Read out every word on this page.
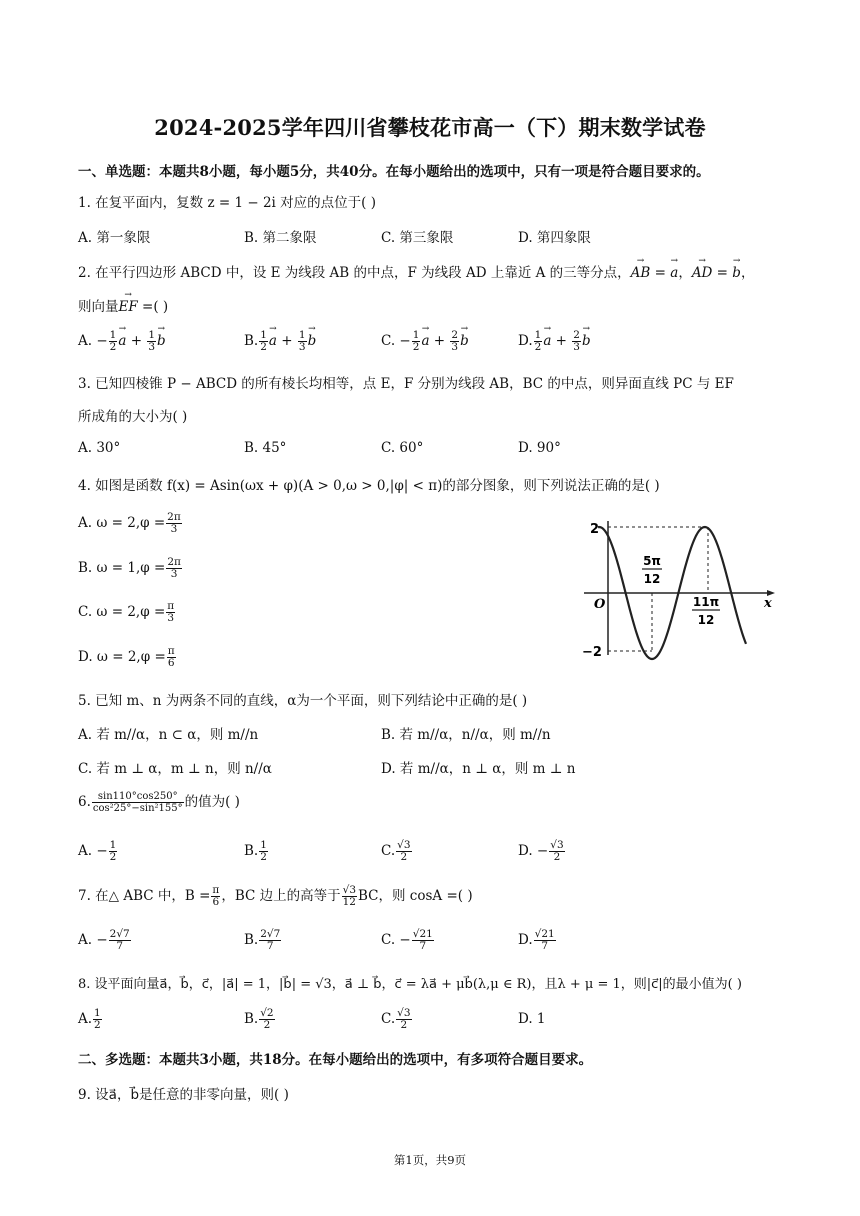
2024-2025学年四川省攀枝花市高一（下）期末数学试卷
一、单选题：本题共8小题，每小题5分，共40分。在每小题给出的选项中，只有一项是符合题目要求的。
1. 在复平面内，复数 z = 1 − 2i 对应的点位于( )
A. 第一象限	B. 第二象限	C. 第三象限	D. 第四象限
2. 在平行四边形 ABCD 中，设 E 为线段 AB 的中点，F 为线段 AD 上靠近 A 的三等分点，→ AB = → a，→ AD = → b，
则向量→ EF =( )
A. − $\frac{1}{2}$
→ $a + \frac{1}{3}$
→ b	B. $\frac{1}{2}$
→ $a + \frac{1}{3}$
→ b	C. − $\frac{1}{2}$
→ $a + \frac{2}{3}$
→ b	D. $\frac{1}{2}$
→ $a + \frac{2}{3}$
→ b
3. 已知四棱锥 P − ABCD 的所有棱长均相等，点 E，F 分别为线段 AB，BC 的中点，则异面直线 PC 与 EF
所成角的大小为( )
A. 30°	B. 45°	C. 60°	D. 90°
4. 如图是函数 f(x) = Asin(ωx + φ)(A > 0,ω > 0,|φ| < π)的部分图象，则下列说法正确的是( )
A. $\omega = 2,\varphi = \frac{2\pi}{3}$
B. $\omega = 1,\varphi = \frac{2\pi}{3}$
C. $\omega = 2,\varphi = \frac{\pi}{3}$
D. $\omega = 2,\varphi = \frac{\pi}{6}$
2
−2
O	x
5π
12
11π
12
5. 已知 m、n 为两条不同的直线，α为一个平面，则下列结论中正确的是( )
A. 若 m//α，n ⊂ α，则 m//n	B. 若 m//α，n//α，则 m//n
C. 若 m ⊥ α，m ⊥ n，则 n//α	D. 若 m//α，n ⊥ α，则 m ⊥ n
6. $\frac{\sin 110^\circ\cos 250^\circ}{\text{cos²25°−sin²155°}}$ 的值为( )
A. − $\frac{1}{2}$	B. $\frac{1}{2}$	C. $\frac{√3}{2}$	D. − $\frac{√3}{2}$
7. 在△ ABC 中，$B = \frac{\pi}{6}$ ，BC 边上的高等于 $\frac{√3}{12}$ BC，则 cosA =( )
A. − $\frac{2√7}{7}$	B. $\frac{2√7}{7}$	C. − $\frac{√21}{7}$	D. $\frac{√21}{7}$
8. 设平面向量a⃗，b⃗，c⃗，|a⃗| = 1，|b⃗| = √3，a⃗ ⊥ b⃗，c⃗ = λa⃗ + μb⃗(λ,μ ∈ R)，且λ + μ = 1，则|c⃗|的最小值为( )
A. $\frac{1}{2}$	B. $\frac{√2}{2}$	C. $\frac{√3}{2}$	D. 1
二、多选题：本题共3小题，共18分。在每小题给出的选项中，有多项符合题目要求。
9. 设a⃗，b⃗是任意的非零向量，则( )
第1页，共9页
